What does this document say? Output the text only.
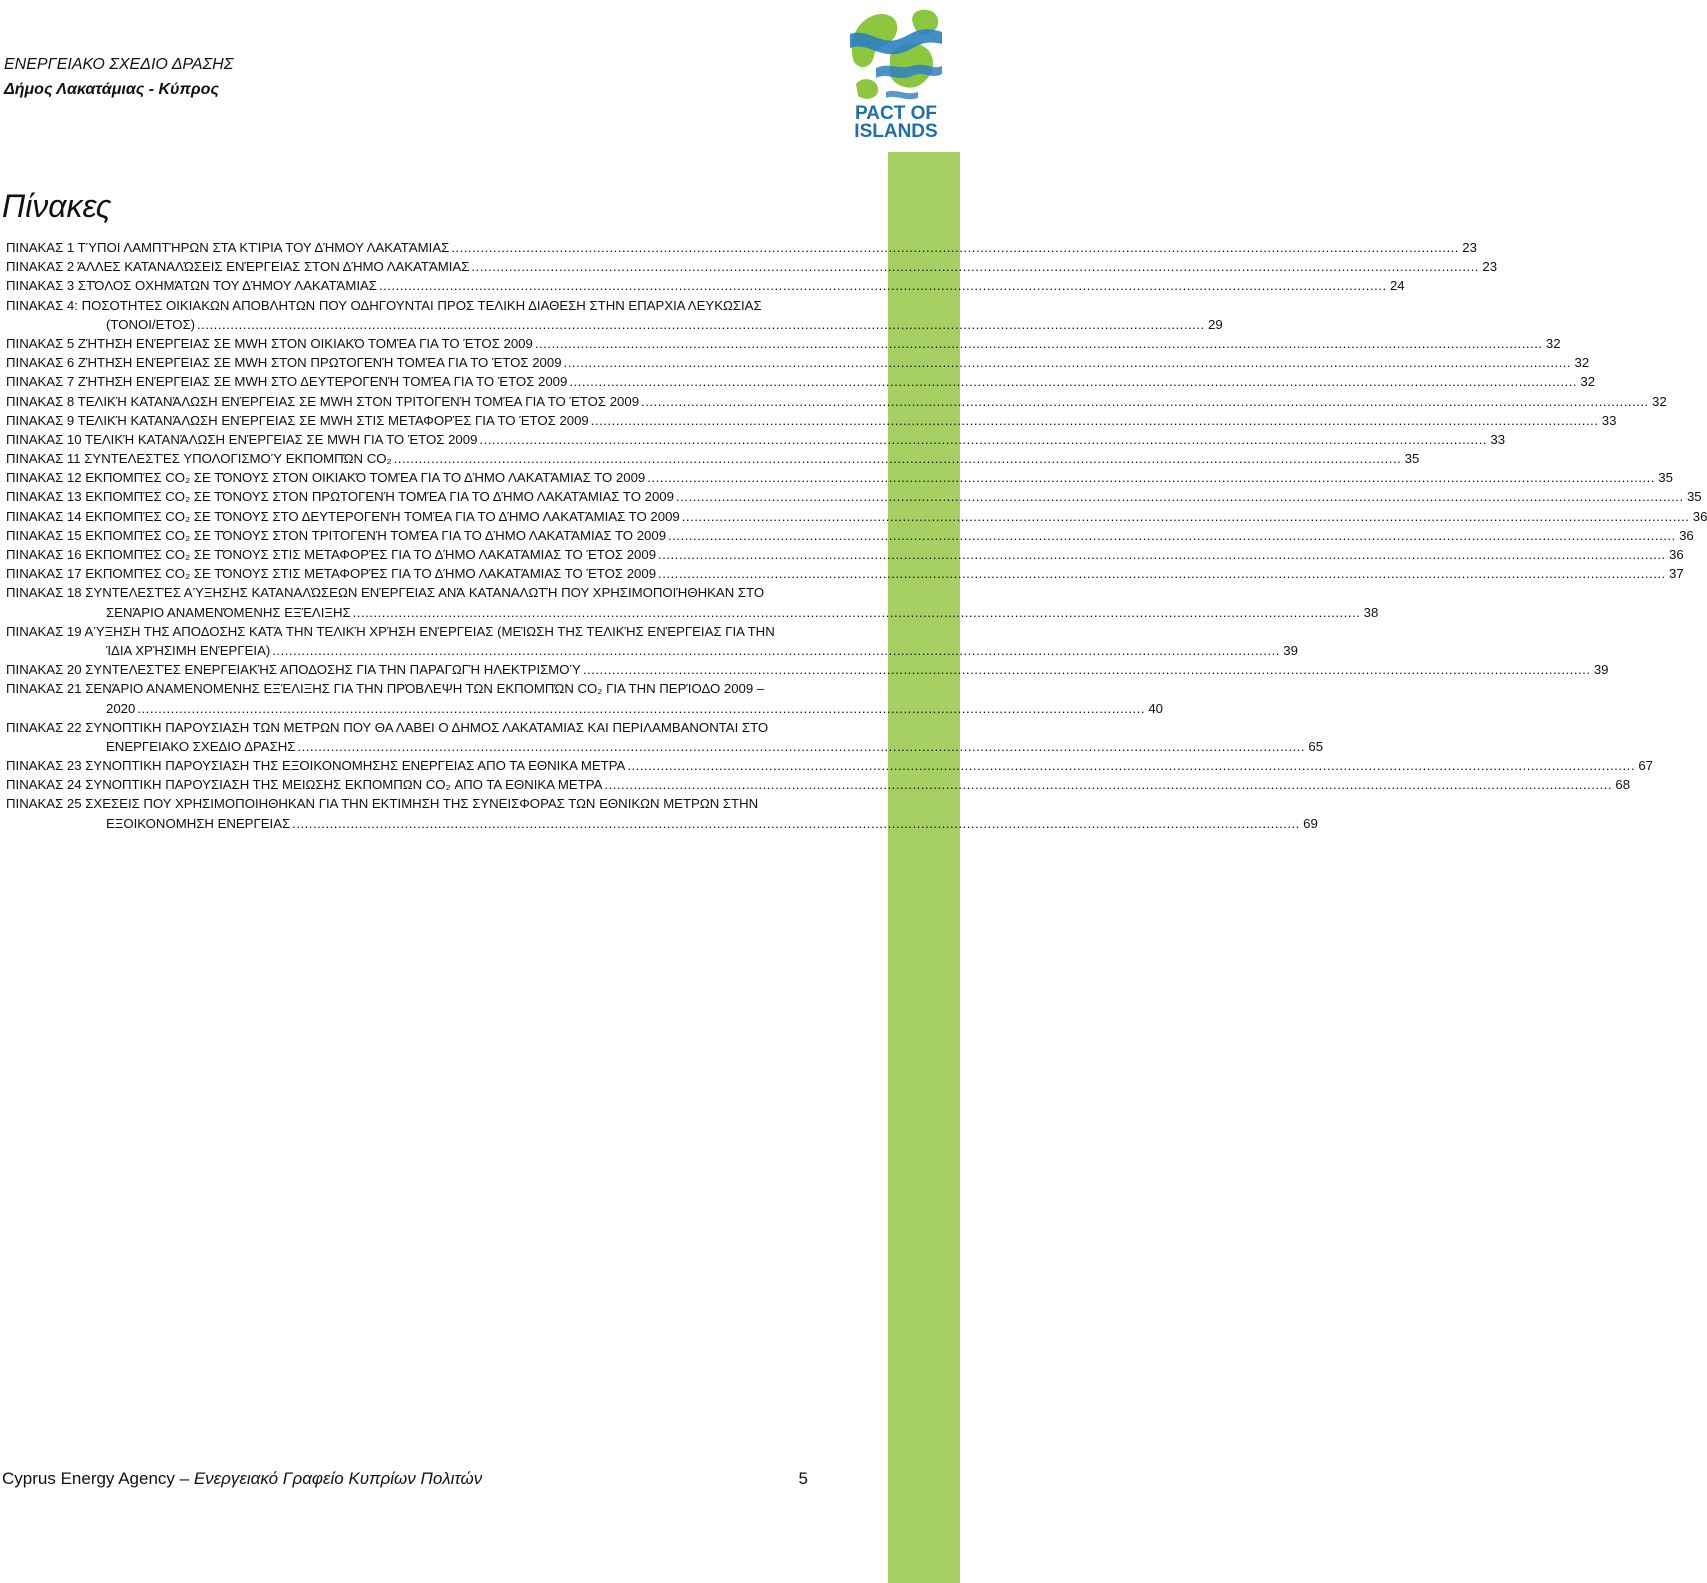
PACT OF
ISLANDS
ΕΝΕΡΓΕΙΑΚΟ ΣΧΕΔΙΟ ΔΡΑΣΗΣ
Δήμος Λακατάμιας - Κύπρος
Πίνακες
ΠΙΝΑΚΑΣ 1 ΤΎΠΟΙ ΛΑΜΠΤΉΡΩΝ ΣΤΑ ΚΤΊΡΙΑ ΤΟΥ ΔΉΜΟΥ ΛΑΚΑΤΆΜΙΑΣ .....	23
ΠΙΝΑΚΑΣ 2 ΆΛΛΕΣ ΚΑΤΑΝΑΛΏΣΕΙΣ ΕΝΈΡΓΕΙΑΣ ΣΤΟΝ ΔΉΜΟ ΛΑΚΑΤΆΜΙΑΣ .....	23
ΠΙΝΑΚΑΣ 3 ΣΤΌΛΟΣ ΟΧΗΜΆΤΩΝ ΤΟΥ ΔΉΜΟΥ ΛΑΚΑΤΆΜΙΑΣ .....	24
ΠΙΝΑΚΑΣ 4: ΠΟΣΟΤΗΤΕΣ ΟΙΚΙΑΚΩΝ ΑΠΟΒΛΗΤΩΝ ΠΟΥ ΟΔΗΓΟΥΝΤΑΙ ΠΡΟΣ ΤΕΛΙΚΗ ΔΙΑΘΕΣΗ ΣΤΗΝ ΕΠΑΡΧΙΑ ΛΕΥΚΩΣΙΑΣ
(ΤΟΝΟΙ/ΕΤΟΣ) .....	29
ΠΙΝΑΚΑΣ 5 ΖΉΤΗΣΗ ΕΝΈΡΓΕΙΑΣ ΣΕ MWH ΣΤΟΝ ΟΙΚΙΑΚΌ ΤΟΜΈΑ ΓΙΑ ΤΟ ΈΤΟΣ 2009 .....	32
ΠΙΝΑΚΑΣ 6 ΖΉΤΗΣΗ ΕΝΈΡΓΕΙΑΣ ΣΕ MWH ΣΤΟΝ ΠΡΩΤΟΓΕΝΉ ΤΟΜΈΑ ΓΙΑ ΤΟ ΈΤΟΣ 2009 .....	32
ΠΙΝΑΚΑΣ 7 ΖΉΤΗΣΗ ΕΝΈΡΓΕΙΑΣ ΣΕ MWH ΣΤΟ ΔΕΥΤΕΡΟΓΕΝΉ ΤΟΜΈΑ ΓΙΑ ΤΟ ΈΤΟΣ 2009 .....	32
ΠΙΝΑΚΑΣ 8 ΤΕΛΙΚΉ ΚΑΤΑΝΆΛΩΣΗ ΕΝΈΡΓΕΙΑΣ ΣΕ MWH ΣΤΟΝ ΤΡΙΤΟΓΕΝΉ ΤΟΜΈΑ ΓΙΑ ΤΟ ΈΤΟΣ 2009 .....	32
ΠΙΝΑΚΑΣ 9 ΤΕΛΙΚΉ ΚΑΤΑΝΆΛΩΣΗ ΕΝΈΡΓΕΙΑΣ ΣΕ MWH ΣΤΙΣ ΜΕΤΑΦΟΡΈΣ ΓΙΑ ΤΟ ΈΤΟΣ 2009 .....	33
ΠΙΝΑΚΑΣ 10 ΤΕΛΙΚΉ ΚΑΤΑΝΆΛΩΣΗ ΕΝΈΡΓΕΙΑΣ ΣΕ MWH ΓΙΑ ΤΟ ΈΤΟΣ 2009 .....	33
ΠΙΝΑΚΑΣ 11 ΣΥΝΤΕΛΕΣΤΈΣ ΥΠΟΛΟΓΙΣΜΟΎ ΕΚΠΟΜΠΏΝ CO₂ .....	35
ΠΙΝΑΚΑΣ 12 ΕΚΠΟΜΠΈΣ CO₂ ΣΕ ΤΌΝΟΥΣ ΣΤΟΝ ΟΙΚΙΑΚΌ ΤΟΜΈΑ ΓΙΑ ΤΟ ΔΉΜΟ ΛΑΚΑΤΆΜΙΑΣ ΤΟ 2009 .....	35
ΠΙΝΑΚΑΣ 13 ΕΚΠΟΜΠΈΣ CO₂ ΣΕ ΤΌΝΟΥΣ ΣΤΟΝ ΠΡΩΤΟΓΕΝΉ ΤΟΜΈΑ ΓΙΑ ΤΟ ΔΉΜΟ ΛΑΚΑΤΆΜΙΑΣ ΤΟ 2009 .....	35
ΠΙΝΑΚΑΣ 14 ΕΚΠΟΜΠΈΣ CO₂ ΣΕ ΤΌΝΟΥΣ ΣΤΟ ΔΕΥΤΕΡΟΓΕΝΉ ΤΟΜΈΑ ΓΙΑ ΤΟ ΔΉΜΟ ΛΑΚΑΤΆΜΙΑΣ ΤΟ 2009 .....	36
ΠΙΝΑΚΑΣ 15 ΕΚΠΟΜΠΈΣ CO₂ ΣΕ ΤΌΝΟΥΣ ΣΤΟΝ ΤΡΙΤΟΓΕΝΉ ΤΟΜΈΑ ΓΙΑ ΤΟ ΔΉΜΟ ΛΑΚΑΤΆΜΙΑΣ ΤΟ 2009 .....	36
ΠΙΝΑΚΑΣ 16 ΕΚΠΟΜΠΈΣ CO₂ ΣΕ ΤΌΝΟΥΣ ΣΤΙΣ ΜΕΤΑΦΟΡΈΣ ΓΙΑ ΤΟ ΔΉΜΟ ΛΑΚΑΤΆΜΙΑΣ ΤΟ ΈΤΟΣ 2009 .....	36
ΠΙΝΑΚΑΣ 17 ΕΚΠΟΜΠΈΣ CO₂ ΣΕ ΤΌΝΟΥΣ ΣΤΙΣ ΜΕΤΑΦΟΡΈΣ ΓΙΑ ΤΟ ΔΉΜΟ ΛΑΚΑΤΆΜΙΑΣ ΤΟ ΈΤΟΣ 2009 .....	37
ΠΙΝΑΚΑΣ 18 ΣΥΝΤΕΛΕΣΤΈΣ ΑΎΞΗΣΗΣ ΚΑΤΑΝΑΛΏΣΕΩΝ ΕΝΈΡΓΕΙΑΣ ΑΝΆ ΚΑΤΑΝΑΛΩΤΉ ΠΟΥ ΧΡΗΣΙΜΟΠΟΙΉΘΗΚΑΝ ΣΤΟ
ΣΕΝΆΡΙΟ ΑΝΑΜΕΝΌΜΕΝΗΣ ΕΞΈΛΙΞΗΣ .....	38
ΠΙΝΑΚΑΣ 19 ΑΎΞΗΣΗ ΤΗΣ ΑΠΟΔΟΣΗΣ ΚΑΤΆ ΤΗΝ ΤΕΛΙΚΉ ΧΡΉΣΗ ΕΝΈΡΓΕΙΑΣ (ΜΕΊΩΣΗ ΤΗΣ ΤΕΛΙΚΉΣ ΕΝΈΡΓΕΙΑΣ ΓΙΑ ΤΗΝ
ΊΔΙΑ ΧΡΉΣΙΜΗ ΕΝΈΡΓΕΙΑ) .....	39
ΠΙΝΑΚΑΣ 20 ΣΥΝΤΕΛΕΣΤΈΣ ΕΝΕΡΓΕΙΑΚΉΣ ΑΠΟΔΟΣΗΣ ΓΙΑ ΤΗΝ ΠΑΡΑΓΩΓΉ ΗΛΕΚΤΡΙΣΜΟΎ .....	39
ΠΙΝΑΚΑΣ 21 ΣΕΝΆΡΙΟ ΑΝΑΜΕΝΟΜΕΝΗΣ ΕΞΈΛΙΞΗΣ ΓΙΑ ΤΗΝ ΠΡΌΒΛΕΨΗ ΤΩΝ ΕΚΠΟΜΠΏΝ CO₂ ΓΙΑ ΤΗΝ ΠΕΡΊΟΔΟ 2009 –
2020 .....	40
ΠΙΝΑΚΑΣ 22 ΣΥΝΟΠΤΙΚΗ ΠΑΡΟΥΣΙΑΣΗ ΤΩΝ ΜΕΤΡΩΝ ΠΟΥ ΘΑ ΛΑΒΕΙ Ο ΔΗΜΟΣ ΛΑΚΑΤΑΜΙΑΣ ΚΑΙ ΠΕΡΙΛΑΜΒΑΝΟΝΤΑΙ ΣΤΟ
ΕΝΕΡΓΕΙΑΚΟ ΣΧΕΔΙΟ ΔΡΑΣΗΣ .....	65
ΠΙΝΑΚΑΣ 23 ΣΥΝΟΠΤΙΚΗ ΠΑΡΟΥΣΙΑΣΗ ΤΗΣ ΕΞΟΙΚΟΝΟΜΗΣΗΣ ΕΝΕΡΓΕΙΑΣ ΑΠΟ ΤΑ ΕΘΝΙΚΑ ΜΕΤΡΑ .....	67
ΠΙΝΑΚΑΣ 24 ΣΥΝΟΠΤΙΚΗ ΠΑΡΟΥΣΙΑΣΗ ΤΗΣ ΜΕΙΩΣΗΣ ΕΚΠΟΜΠΩΝ CO₂ ΑΠΟ ΤΑ ΕΘΝΙΚΑ ΜΕΤΡΑ .....	68
ΠΙΝΑΚΑΣ 25 ΣΧΕΣΕΙΣ ΠΟΥ ΧΡΗΣΙΜΟΠΟΙΗΘΗΚΑΝ ΓΙΑ ΤΗΝ ΕΚΤΙΜΗΣΗ ΤΗΣ ΣΥΝΕΙΣΦΟΡΑΣ ΤΩΝ ΕΘΝΙΚΩΝ ΜΕΤΡΩΝ ΣΤΗΝ
ΕΞΟΙΚΟΝΟΜΗΣΗ ΕΝΕΡΓΕΙΑΣ .....	69
Cyprus Energy Agency – Ενεργειακό Γραφείο Κυπρίων Πολιτών	5
